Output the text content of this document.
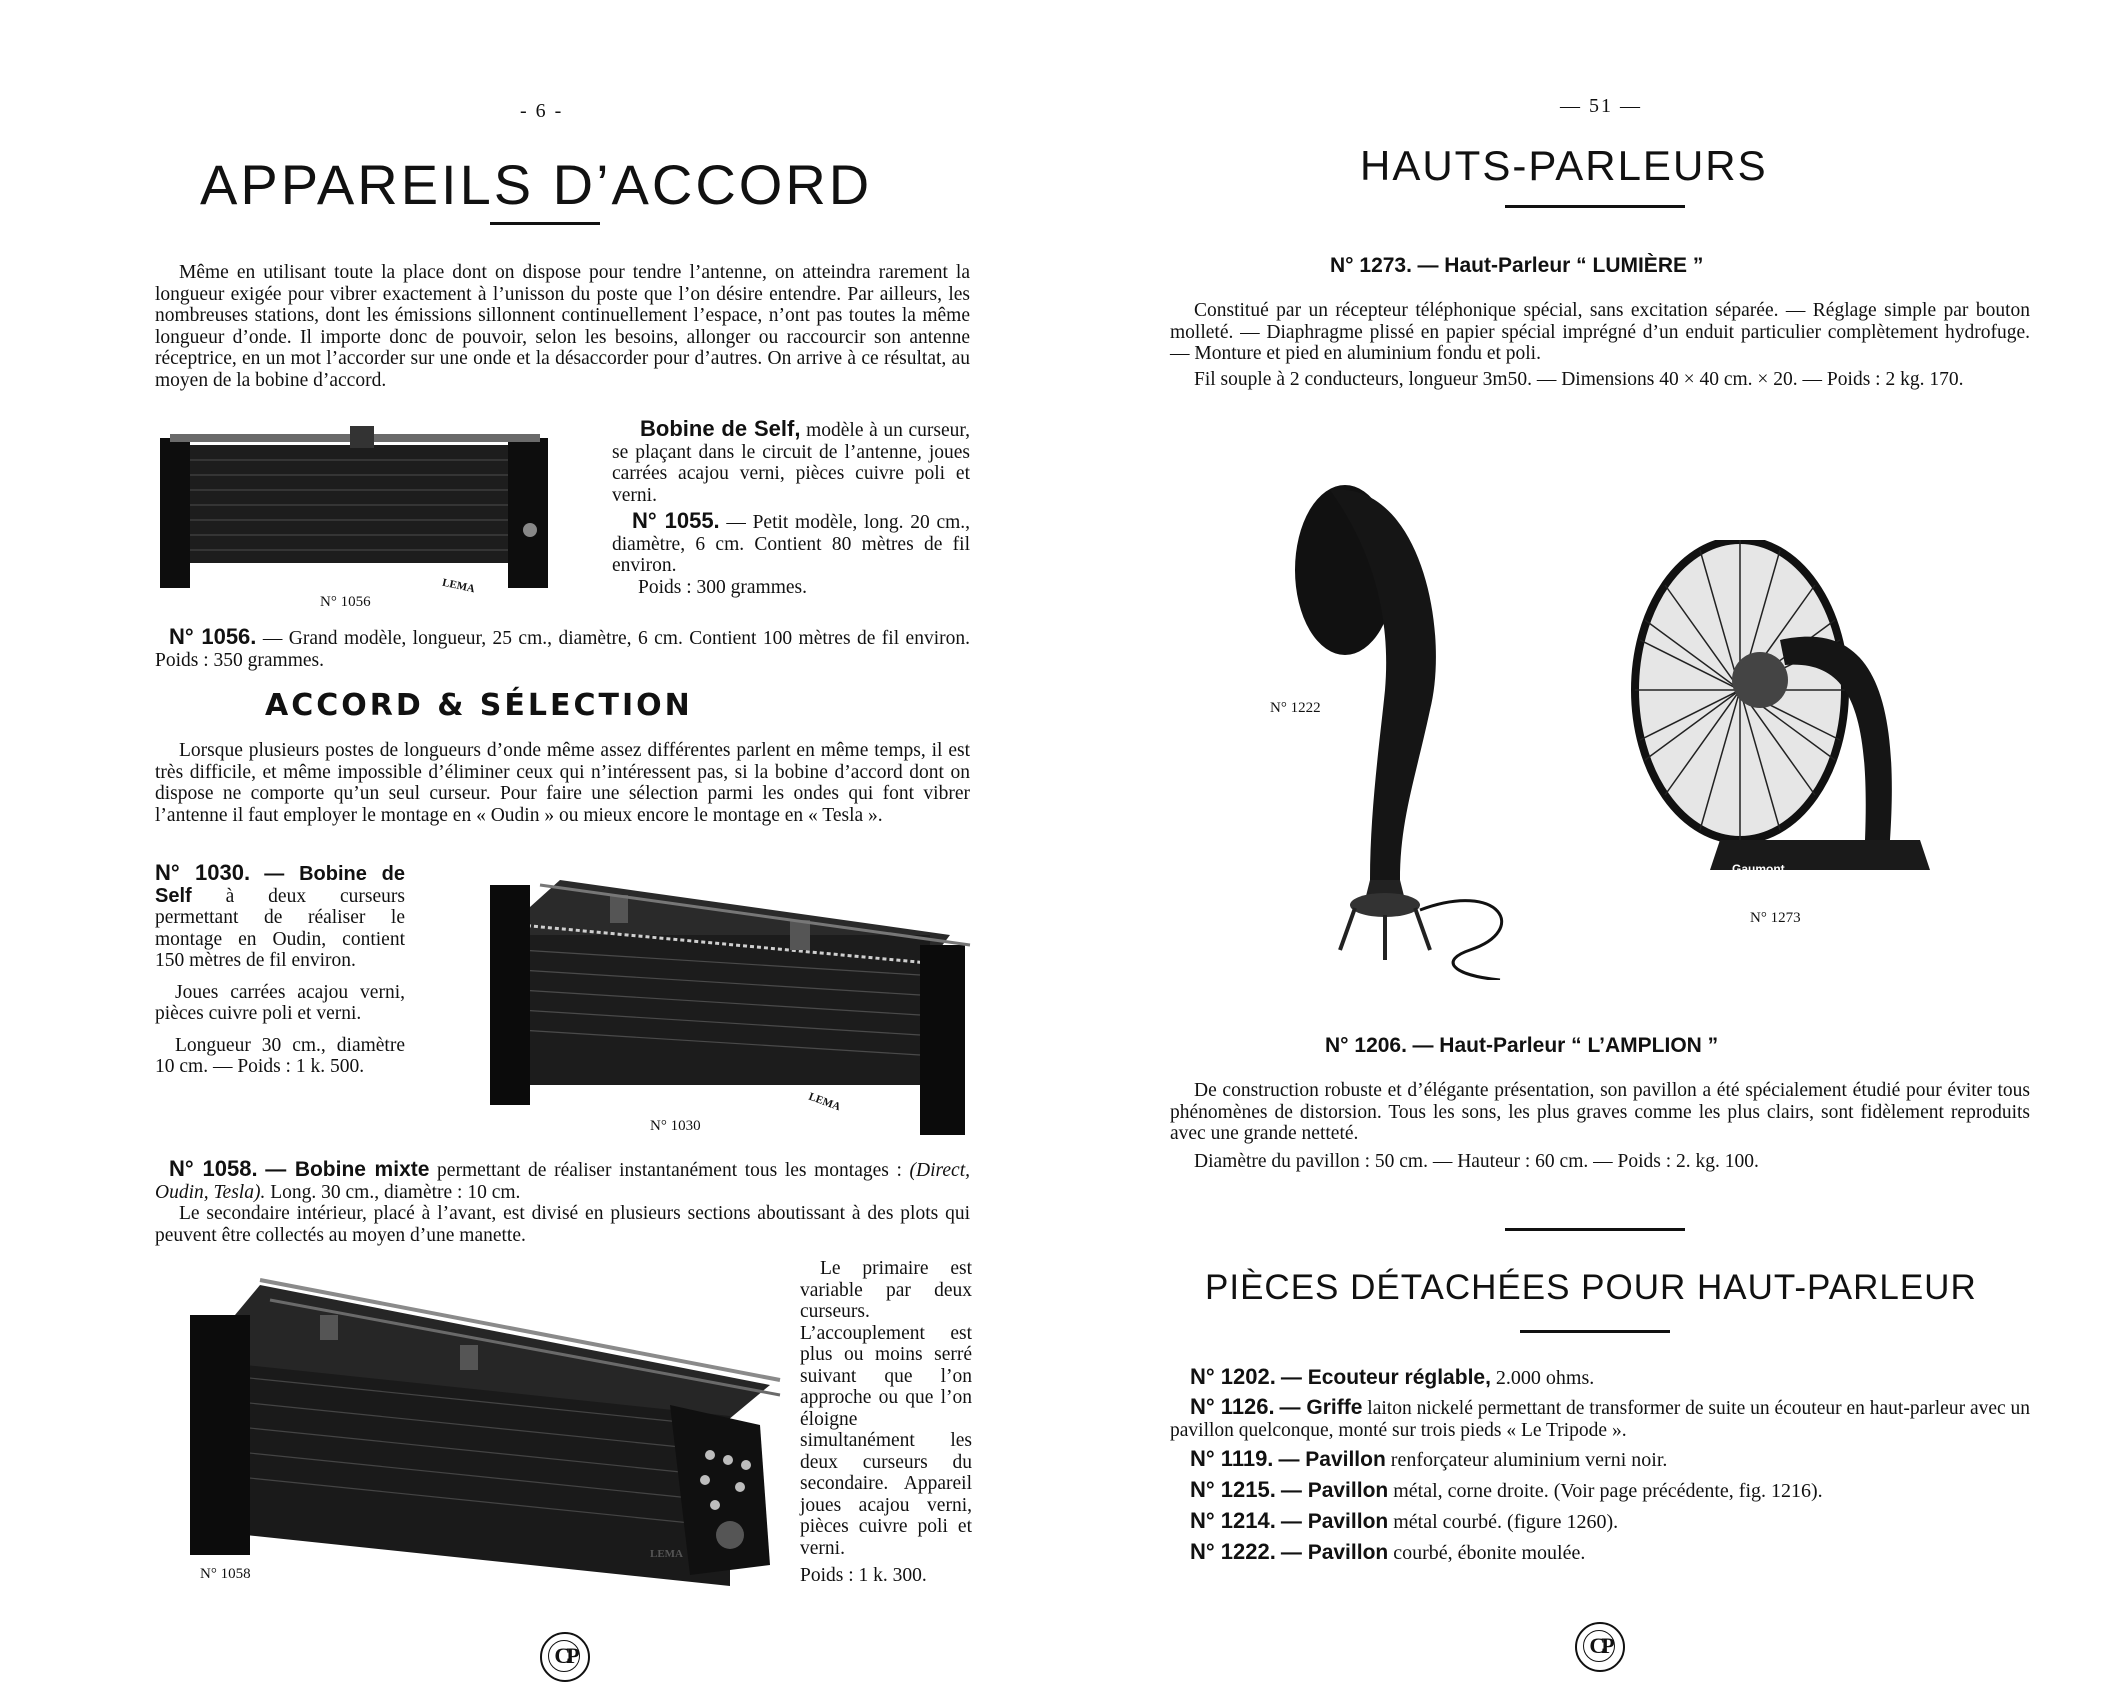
- 6 -
APPAREILS D’ACCORD

Même en utilisant toute la place dont on dispose pour tendre l’antenne, on atteindra rarement la longueur exigée pour vibrer exactement à l’unisson du poste que l’on désire entendre. Par ailleurs, les nombreuses stations, dont les émissions sillonnent continuellement l’espace, n’ont pas toutes la même longueur d’onde. Il importe donc de pouvoir, selon les besoins, allonger ou raccourcir son antenne réceptrice, en un mot l’accorder sur une onde et la désaccorder pour d’autres. On arrive à ce résultat, au moyen de la bobine d’accord.

N° 1056
LEMA

Bobine de Self, modèle à un curseur, se plaçant dans le circuit de l’antenne, joues carrées acajou verni, pièces cuivre poli et verni.

N° 1055. — Petit modèle, long. 20 cm., diamètre, 6 cm. Contient 80 mètres de fil environ.

Poids : 300 grammes.

N° 1056. — Grand modèle, longueur, 25 cm., diamètre, 6 cm. Contient 100 mètres de fil environ. Poids : 350 grammes.

ACCORD & SÉLECTION

Lorsque plusieurs postes de longueurs d’onde même assez différentes parlent en même temps, il est très difficile, et même impossible d’éliminer ceux qui n’intéressent pas, si la bobine d’accord dont on dispose ne comporte qu’un seul curseur. Pour faire une sélection parmi les ondes qui font vibrer l’antenne il faut employer le montage en « Oudin » ou mieux encore le montage en « Tesla ».

N° 1030. — Bobine de Self à deux curseurs permettant de réaliser le montage en Oudin, contient 150 mètres de fil environ.

Joues carrées acajou verni, pièces cuivre poli et verni.

Longueur 30 cm., diamètre 10 cm. — Poids : 1 k. 500.

N° 1030
LEMA

N° 1058. — Bobine mixte permettant de réaliser instantanément tous les montages : (Direct, Oudin, Tesla). Long. 30 cm., diamètre : 10 cm.

Le secondaire intérieur, placé à l’avant, est divisé en plusieurs sections aboutissant à des plots qui peuvent être collectés au moyen d’une manette.

N° 1058
LEMA

Le primaire est variable par deux curseurs. L’accouplement est plus ou moins serré suivant que l’on approche ou que l’on éloigne simultanément les deux curseurs du secondaire. Appareil joues acajou verni, pièces cuivre poli et verni.

Poids : 1 k. 300.

CP
— 51 —
HAUTS-PARLEURS
N° 1273. — Haut-Parleur “ LUMIÈRE ”

Constitué par un récepteur téléphonique spécial, sans excitation séparée. — Réglage simple par bouton molleté. — Diaphragme plissé en papier spécial imprégné d’un enduit particulier complètement hydrofuge. — Monture et pied en aluminium fondu et poli.

Fil souple à 2 conducteurs, longueur 3m50. — Dimensions 40 × 40 cm. × 20. — Poids : 2 kg. 170.

N° 1222
Gaumont
N° 1273
N° 1206. — Haut-Parleur “ L’AMPLION ”

De construction robuste et d’élégante présentation, son pavillon a été spécialement étudié pour éviter tous phénomènes de distorsion. Tous les sons, les plus graves comme les plus clairs, sont fidèlement reproduits avec une grande netteté.

Diamètre du pavillon : 50 cm. — Hauteur : 60 cm. — Poids : 2. kg. 100.

PIÈCES DÉTACHÉES POUR HAUT-PARLEUR

N° 1202. — Ecouteur réglable, 2.000 ohms.

N° 1126. — Griffe laiton nickelé permettant de transformer de suite un écouteur en haut-parleur avec un pavillon quelconque, monté sur trois pieds « Le Tripode ».

N° 1119. — Pavillon renforçateur aluminium verni noir.

N° 1215. — Pavillon métal, corne droite. (Voir page précédente, fig. 1216).

N° 1214. — Pavillon métal courbé. (figure 1260).

N° 1222. — Pavillon courbé, ébonite moulée.

CP
